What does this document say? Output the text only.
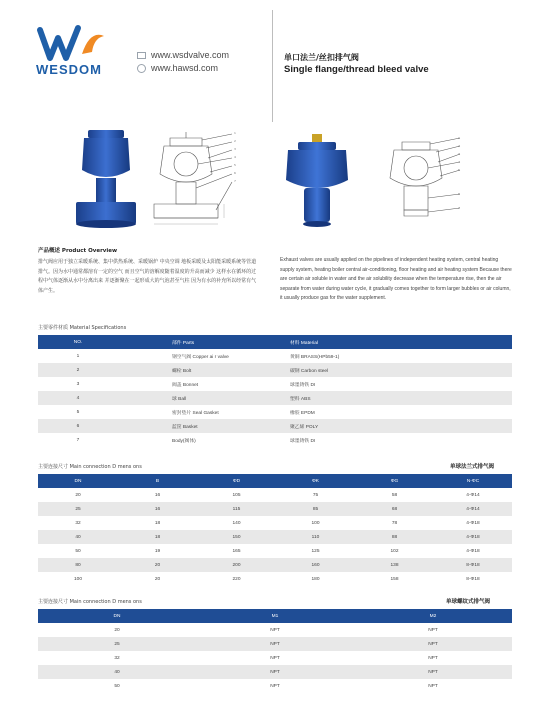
WESDOM
www.wsdvalve.com
www.hawsd.com
单口法兰/丝扣排气阀
Single flange/thread bleed valve
1
2
3
4
5
6
7
1
2
3
4
5
6
7
产品概述 Product Overview
排气阀应用于独立采暖系统、集中供热系统、采暖锅炉 中央空调 地板采暖及太阳能采暖系统等管道排气。因为水中通常都溶有一定的空气 而且空气的溶解度随着温度的升高而减少 这样水在循环的过程中气体逐渐从水中分离出来 并逐渐聚在一起形成大的气泡甚至气柱 因为有水的补充所以经常有气体产生。
Exhaust valves are usually applied on the pipelines of independent heating system, central heating supply system, heating boiler central air-conditioning, floor heating and air heating system Because there are certain air soluble in water and the air solubility decrease when the temperature rise, then the air separate from water during water cycle, it gradually comes together to form larger bubbles or air column, it usually produce gas for the water supplement.
主要零件材质 Material Specifications
NO.	部件 Parts	材料 Material
1	钢空气阀 Copper ai r valve	黄铜 BRASS(HPb59-1)
2	螺栓 Bolt	碳钢 Carbon steel
3	阀盖 Bonnet	球墨铸铁 DI
4	球 Ball	塑料 ABS
5	密封垫片 Seal Gasket	橡胶 EPDM
6	蓝筐 Basket	聚乙烯 POLY
7	Body(阀体)	球墨铸铁 DI
主要连接尺寸 Main connection D mens ons	单球法兰式排气阀
DN	B	ΦD	ΦK	ΦG	N-ΦC
20	16	105	75	58	4-Φ14
25	16	115	85	68	4-Φ14
32	18	140	100	78	4-Φ18
40	18	150	110	88	4-Φ18
50	19	165	125	102	4-Φ18
80	20	200	160	138	8-Φ18
100	20	220	180	158	8-Φ18
主要连接尺寸 Main connection D mens ons	单球螺纹式排气阀
DN	M1	M2
20	NPT	NPT
25	NPT	NPT
32	NPT	NPT
40	NPT	NPT
50	NPT	NPT
